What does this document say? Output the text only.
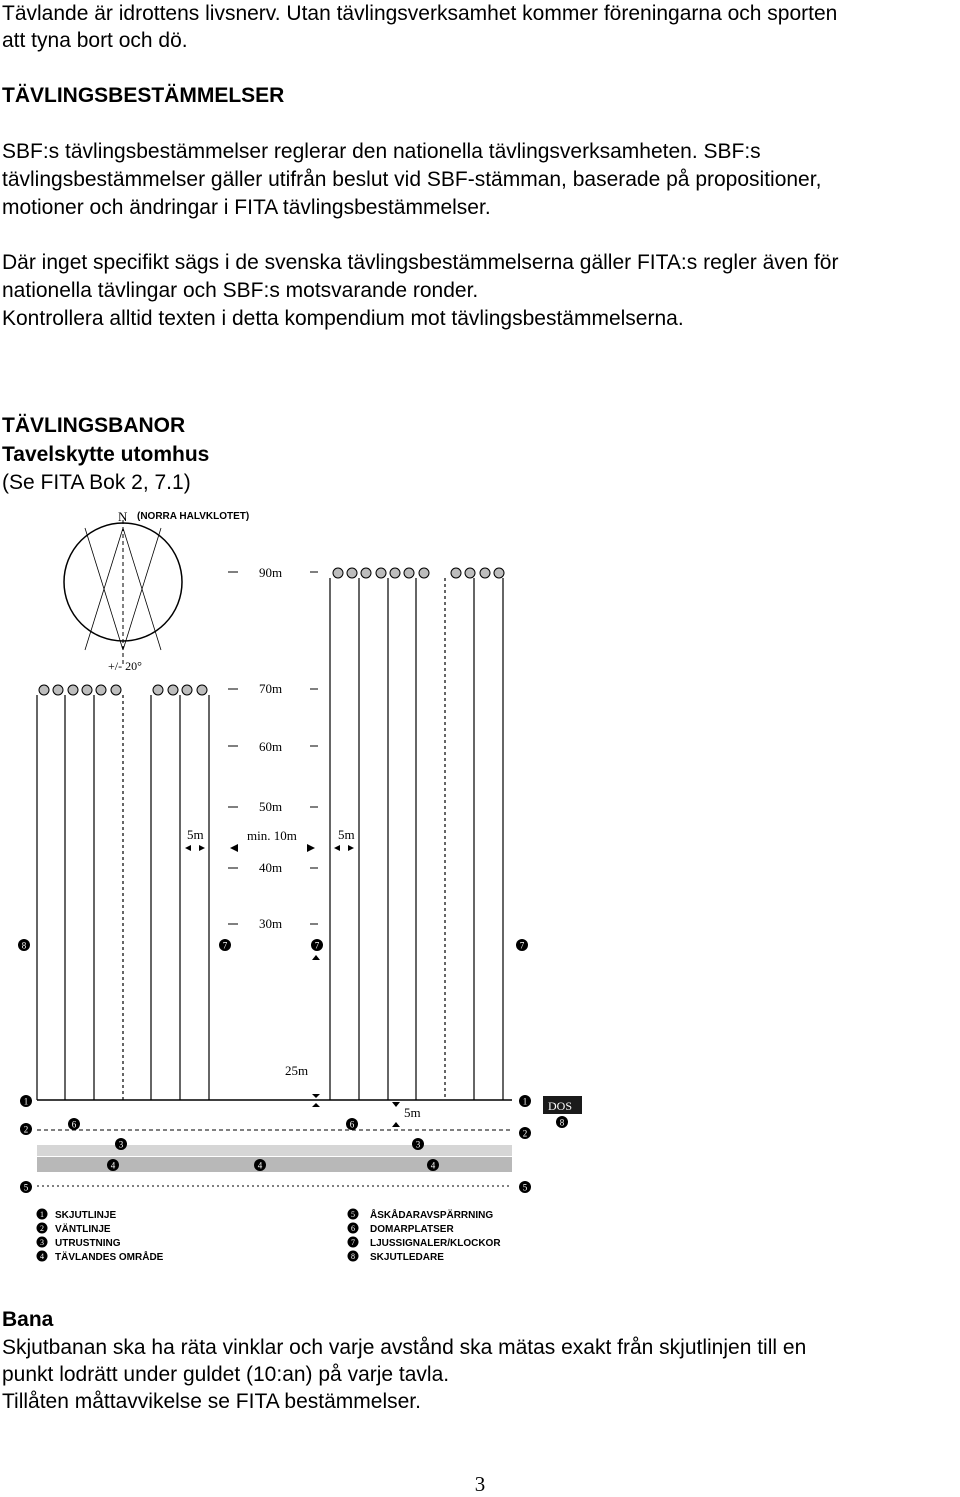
Tävlande är idrottens livsnerv. Utan tävlingsverksamhet kommer föreningarna och sporten

att tyna bort och dö.

TÄVLINGSBESTÄMMELSER

SBF:s tävlingsbestämmelser reglerar den nationella tävlingsverksamheten. SBF:s

tävlingsbestämmelser gäller utifrån beslut vid SBF-stämman, baserade på propositioner,

motioner och ändringar i FITA tävlingsbestämmelser.

Där inget specifikt sägs i de svenska tävlingsbestämmelserna gäller FITA:s regler även för

nationella tävlingar och SBF:s motsvarande ronder.

Kontrollera alltid texten i detta kompendium mot tävlingsbestämmelserna.

TÄVLINGSBANOR

Tavelskytte utomhus

(Se FITA Bok 2, 7.1)

N (NORRA HALVKLOTET)
+/- 20°
90m
70m
60m
50m
40m
30m
25m
5m	min. 10m	5m
5m
8	7	7	7
1	1
2	2
6	6	8
3	3
4	4	4
5	5
DOS
1 SKJUTLINJE
2 VÄNTLINJE
3 UTRUSTNING
4 TÄVLANDES OMRÅDE
5 ÅSKÅDARAVSPÄRRNING
6 DOMARPLATSER
7 LJUSSIGNALER/KLOCKOR
8 SKJUTLEDARE

Bana

Skjutbanan ska ha räta vinklar och varje avstånd ska mätas exakt från skjutlinjen till en

punkt lodrätt under guldet (10:an) på varje tavla.

Tillåten måttavvikelse se FITA bestämmelser.

3
